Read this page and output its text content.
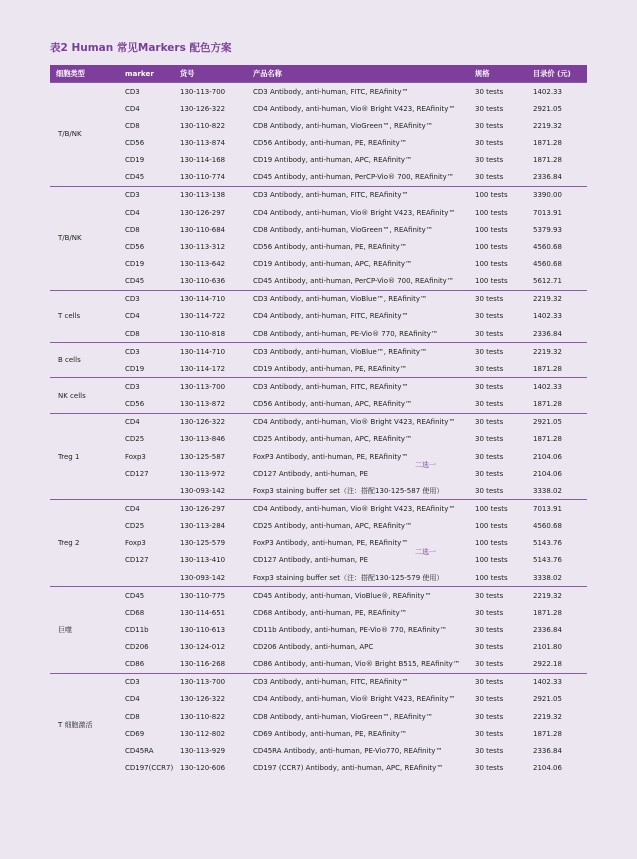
表2 Human 常见Markers 配色方案
细胞类型	marker	货号	产品名称	规格	目录价 (元)
T/B/NK	CD3	130-113-700	CD3 Antibody, anti-human, FITC, REAfinity™	30 tests	1402.33
	CD4	130-126-322	CD4 Antibody, anti-human, Vio® Bright V423, REAfinity™	30 tests	2921.05
	CD8	130-110-822	CD8 Antibody, anti-human, VioGreen™, REAfinity™	30 tests	2219.32
	CD56	130-113-874	CD56 Antibody, anti-human, PE, REAfinity™	30 tests	1871.28
	CD19	130-114-168	CD19 Antibody, anti-human, APC, REAfinity™	30 tests	1871.28
	CD45	130-110-774	CD45 Antibody, anti-human, PerCP-Vio® 700, REAfinity™	30 tests	2336.84
T/B/NK	CD3	130-113-138	CD3 Antibody, anti-human, FITC, REAfinity™	100 tests	3390.00
	CD4	130-126-297	CD4 Antibody, anti-human, Vio® Bright V423, REAfinity™	100 tests	7013.91
	CD8	130-110-684	CD8 Antibody, anti-human, VioGreen™, REAfinity™	100 tests	5379.93
	CD56	130-113-312	CD56 Antibody, anti-human, PE, REAfinity™	100 tests	4560.68
	CD19	130-113-642	CD19 Antibody, anti-human, APC, REAfinity™	100 tests	4560.68
	CD45	130-110-636	CD45 Antibody, anti-human, PerCP-Vio® 700, REAfinity™	100 tests	5612.71
T cells	CD3	130-114-710	CD3 Antibody, anti-human, VioBlue™, REAfinity™	30 tests	2219.32
	CD4	130-114-722	CD4 Antibody, anti-human, FITC, REAfinity™	30 tests	1402.33
	CD8	130-110-818	CD8 Antibody, anti-human, PE-Vio® 770, REAfinity™	30 tests	2336.84
B cells	CD3	130-114-710	CD3 Antibody, anti-human, VioBlue™, REAfinity™	30 tests	2219.32
	CD19	130-114-172	CD19 Antibody, anti-human, PE, REAfinity™	30 tests	1871.28
NK cells	CD3	130-113-700	CD3 Antibody, anti-human, FITC, REAfinity™	30 tests	1402.33
	CD56	130-113-872	CD56 Antibody, anti-human, APC, REAfinity™	30 tests	1871.28
Treg 1	CD4	130-126-322	CD4 Antibody, anti-human, Vio® Bright V423, REAfinity™	30 tests	2921.05
	CD25	130-113-846	CD25 Antibody, anti-human, APC, REAfinity™	30 tests	1871.28
	Foxp3	130-125-587	FoxP3 Antibody, anti-human, PE, REAfinity™	30 tests	2104.06
	CD127	130-113-972	CD127 Antibody, anti-human, PE	30 tests	2104.06
		130-093-142	Foxp3 staining buffer set（注：搭配130-125-587 使用）	30 tests	3338.02
Treg 2	CD4	130-126-297	CD4 Antibody, anti-human, Vio® Bright V423, REAfinity™	100 tests	7013.91
	CD25	130-113-284	CD25 Antibody, anti-human, APC, REAfinity™	100 tests	4560.68
	Foxp3	130-125-579	FoxP3 Antibody, anti-human, PE, REAfinity™	100 tests	5143.76
	CD127	130-113-410	CD127 Antibody, anti-human, PE	100 tests	5143.76
		130-093-142	Foxp3 staining buffer set（注：搭配130-125-579 使用）	100 tests	3338.02
巨噬	CD45	130-110-775	CD45 Antibody, anti-human, VioBlue®, REAfinity™	30 tests	2219.32
	CD68	130-114-651	CD68 Antibody, anti-human, PE, REAfinity™	30 tests	1871.28
	CD11b	130-110-613	CD11b Antibody, anti-human, PE-Vio® 770, REAfinity™	30 tests	2336.84
	CD206	130-124-012	CD206 Antibody, anti-human, APC	30 tests	2101.80
	CD86	130-116-268	CD86 Antibody, anti-human, Vio® Bright B515, REAfinity™	30 tests	2922.18
T 细胞激活	CD3	130-113-700	CD3 Antibody, anti-human, FITC, REAfinity™	30 tests	1402.33
	CD4	130-126-322	CD4 Antibody, anti-human, Vio® Bright V423, REAfinity™	30 tests	2921.05
	CD8	130-110-822	CD8 Antibody, anti-human, VioGreen™, REAfinity™	30 tests	2219.32
	CD69	130-112-802	CD69 Antibody, anti-human, PE, REAfinity™	30 tests	1871.28
	CD45RA	130-113-929	CD45RA Antibody, anti-human, PE-Vio770, REAfinity™	30 tests	2336.84
	CD197(CCR7)	130-120-606	CD197 (CCR7) Antibody, anti-human, APC, REAfinity™	30 tests	2104.06
二选一
二选一
